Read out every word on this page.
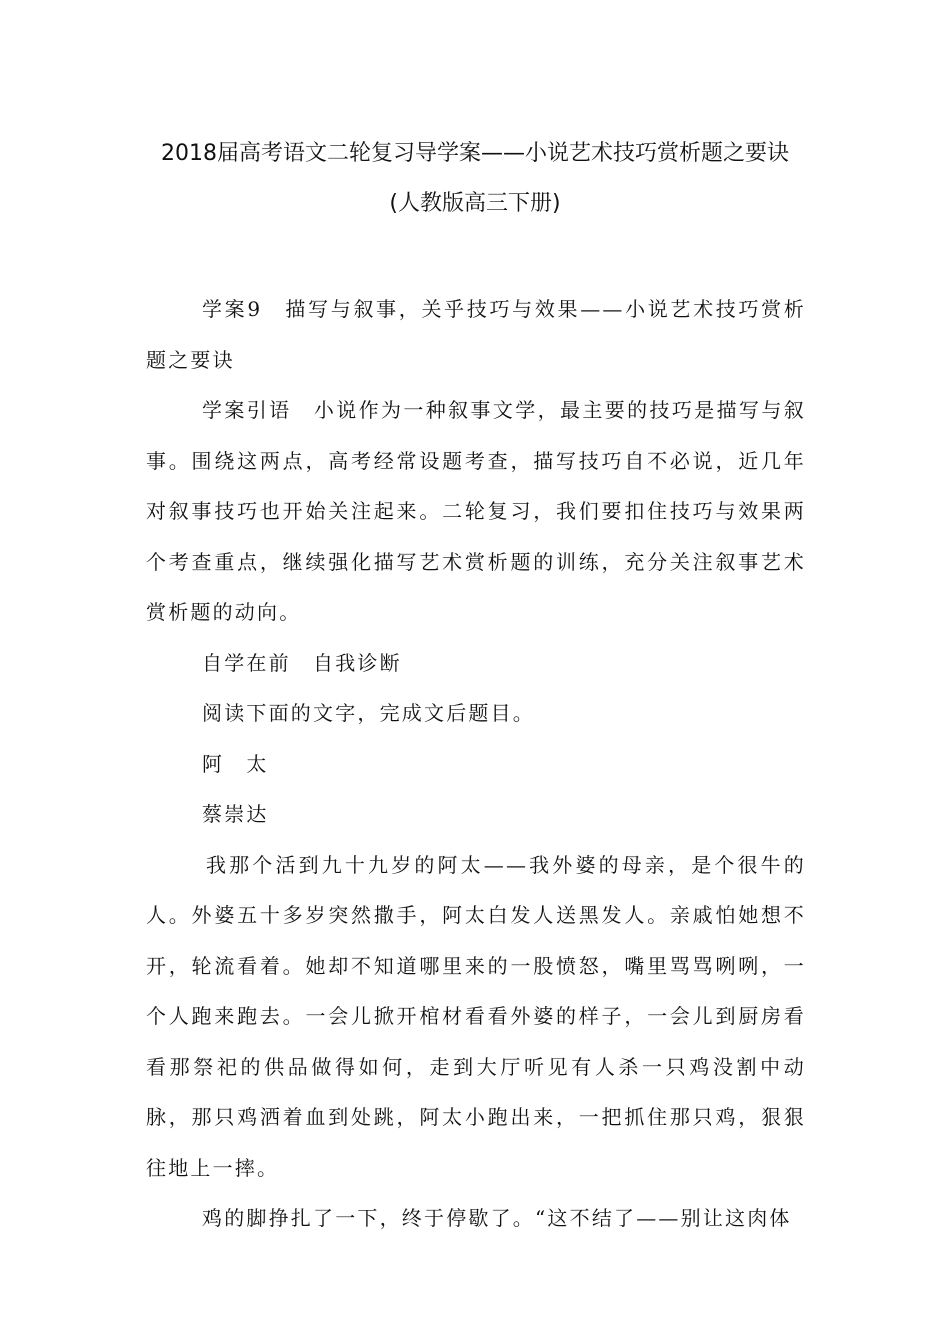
2018届高考语文二轮复习导学案——小说艺术技巧赏析题之要诀
(人教版高三下册)

学案9　描写与叙事，关乎技巧与效果——小说艺术技巧赏析题之要诀

学案引语　小说作为一种叙事文学，最主要的技巧是描写与叙事。围绕这两点，高考经常设题考查，描写技巧自不必说，近几年对叙事技巧也开始关注起来。二轮复习，我们要扣住技巧与效果两个考查重点，继续强化描写艺术赏析题的训练，充分关注叙事艺术赏析题的动向。

自学在前　自我诊断

阅读下面的文字，完成文后题目。

阿　太

蔡崇达

我那个活到九十九岁的阿太——我外婆的母亲，是个很牛的人。外婆五十多岁突然撒手，阿太白发人送黑发人。亲戚怕她想不开，轮流看着。她却不知道哪里来的一股愤怒，嘴里骂骂咧咧，一个人跑来跑去。一会儿掀开棺材看看外婆的样子，一会儿到厨房看看那祭祀的供品做得如何，走到大厅听见有人杀一只鸡没割中动脉，那只鸡洒着血到处跳，阿太小跑出来，一把抓住那只鸡，狠狠往地上一摔。

鸡的脚挣扎了一下，终于停歇了。“这不结了——别让这肉体
